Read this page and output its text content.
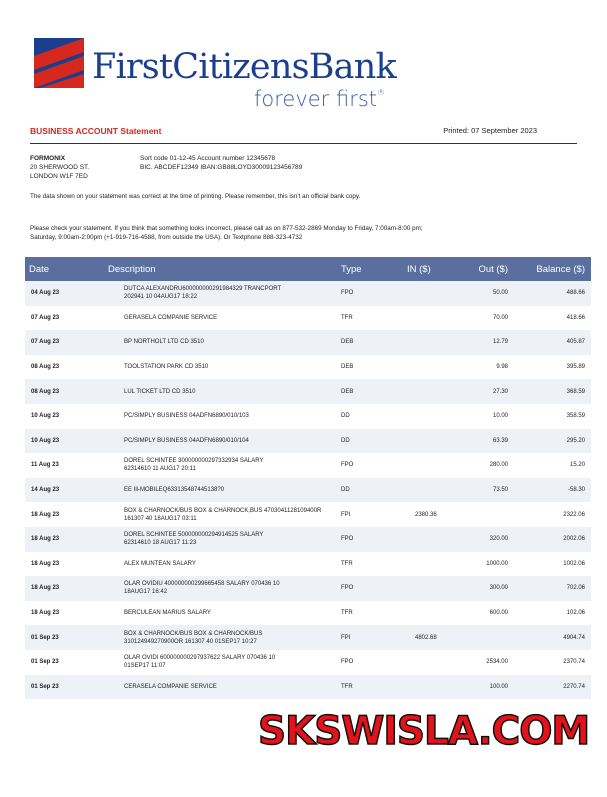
FirstCitizensBank
forever first®
BUSINESS ACCOUNT Statement	Printed: 07 September 2023
FORMONIX
20 SHERWOOD ST.
LONDON W1F 7ED
Sort code 01-12-45 Account number 12345678
BIC. ABCDEF12349 IBAN:GB88LOYD30009123456789
The data shown on your statement was correct at the time of printing. Please remember, this isn't an official bank copy.
Please check your statement. If you think that something looks incorrect, please call as on 877-532-2869 Monday to Friday, 7:00am-8:00 pm; Saturday, 9:00am-2:00pm (+1-919-716-4588, from outside the USA). Or Textphone 888-323-4732
Date	Description	Type	IN ($)	Out ($)	Balance ($)
04 Aug 23	DUTCA ALEXANDRU600000000291984329 TRANCPORT
202941 10 04AUG17 18:22	FPO		50.00	488.66
07 Aug 23	GERASELA COMPANIE SERVICE	TFR		70.00	418.66
07 Aug 23	BP NORTHOLT LTD CD 3510	DEB		12.79	405.87
08 Aug 23	TOOLSTATION PARK CD 3510	DEB		9.98	395.89
08 Aug 23	LUL TICKET LTD CD 3510	DEB		27.30	368.59
10 Aug 23	PC/SIMPLY BUSINESS 04ADFN6890/010/103	DD		10.00	358.59
10 Aug 23	PC/SIMPLY BUSINESS 04ADFN6890/010/104	DD		63.39	295.20
11 Aug 23	DOREL SCHINTEE 300000000297332934 SALARY
62314610 11 AUG17 20:11	FPO		280.00	15.20
14 Aug 23	EE Ill-MOBILEQ633135487445138?0	DD		73.50	-58.30
18 Aug 23	BOX & CHARNOCK/BUS BOX & CHARNOCK,BUS 4703041128109400R
161307 40 18AUG17 03:11	FPI	2380.36		2322.06
18 Aug 23	DOREL SCHINTEE 500000000294914525 SALARY
62314610 18 AUG17 11:23	FPO		320.00	2002.06
18 Aug 23	ALEX MUNTEAN SALARY	TFR		1000.00	1002.06
18 Aug 23	OLAR OVIDIU 400000000299665458 SALARY 070436 10
18AUG17 16:42	FPO		300.00	702.06
18 Aug 23	BERCULEAN MARIUS SALARY	TFR		600.00	102.06
01 Sep 23	BOX & CHARNOCK/BUS BOX & CHARNOCK/BUS
310124949270900OR 161307 40 01SEP17 10:27	FPI	4802.68		4904.74
01 Sep 23	OLAR OVIDI 600000000297937622 SALARY 070436 10
01SEP17 11:07	FPO		2534.00	2370.74
01 Sep 23	CERASELA COMPANIE SERVICE	TFR		100.00	2270.74
SKSWISLA.COM
